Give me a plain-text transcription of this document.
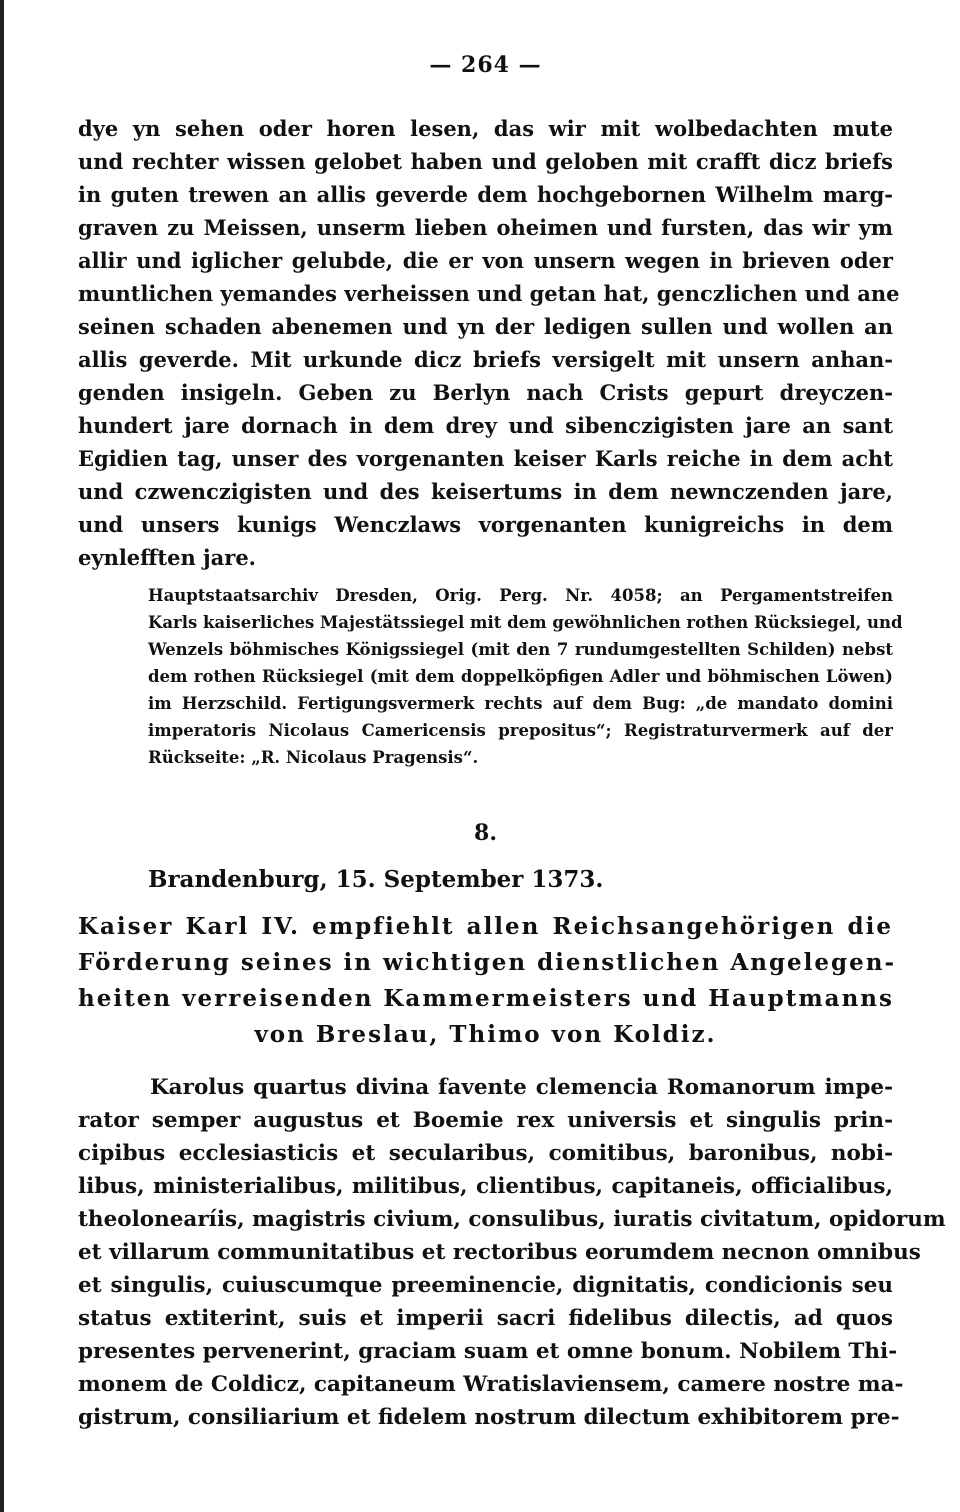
— 264 —
dye yn sehen oder horen lesen, das wir mit wolbedachten mute
und rechter wissen gelobet haben und geloben mit crafft dicz briefs
in guten trewen an allis geverde dem hochgebornen Wilhelm marg-
graven zu Meissen, unserm lieben oheimen und fursten, das wir ym
allir und iglicher gelubde, die er von unsern wegen in brieven oder
muntlichen yemandes verheissen und getan hat, genczlichen und ane
seinen schaden abenemen und yn der ledigen sullen und wollen an
allis geverde. Mit urkunde dicz briefs versigelt mit unsern anhan-
genden insigeln. Geben zu Berlyn nach Crists gepurt dreyczen-
hundert jare dornach in dem drey und sibenczigisten jare an sant
Egidien tag, unser des vorgenanten keiser Karls reiche in dem acht
und czwenczigisten und des keisertums in dem newnczenden jare,
und unsers kunigs Wenczlaws vorgenanten kunigreichs in dem
eynlefften jare.
Hauptstaatsarchiv Dresden, Orig. Perg. Nr. 4058; an Pergamentstreifen
Karls kaiserliches Majestätssiegel mit dem gewöhnlichen rothen Rücksiegel, und
Wenzels böhmisches Königssiegel (mit den 7 rundumgestellten Schilden) nebst
dem rothen Rücksiegel (mit dem doppelköpfigen Adler und böhmischen Löwen)
im Herzschild. Fertigungsvermerk rechts auf dem Bug: „de mandato domini
imperatoris Nicolaus Camericensis prepositus“; Registraturvermerk auf der
Rückseite: „R. Nicolaus Pragensis“.
8.
Brandenburg, 15. September 1373.
Kaiser Karl IV. empfiehlt allen Reichsangehörigen die
Förderung seines in wichtigen dienstlichen Angelegen-
heiten verreisenden Kammermeisters und Hauptmanns
von Breslau, Thimo von Koldiz.
Karolus quartus divina favente clemencia Romanorum impe-
rator semper augustus et Boemie rex universis et singulis prin-
cipibus ecclesiasticis et secularibus, comitibus, baronibus, nobi-
libus, ministerialibus, militibus, clientibus, capitaneis, officialibus,
theolonearíis, magistris civium, consulibus, iuratis civitatum, opidorum
et villarum communitatibus et rectoribus eorumdem necnon omnibus
et singulis, cuiuscumque preeminencie, dignitatis, condicionis seu
status extiterint, suis et imperii sacri fidelibus dilectis, ad quos
presentes pervenerint, graciam suam et omne bonum. Nobilem Thi-
monem de Coldicz, capitaneum Wratislaviensem, camere nostre ma-
gistrum, consiliarium et fidelem nostrum dilectum exhibitorem pre-
